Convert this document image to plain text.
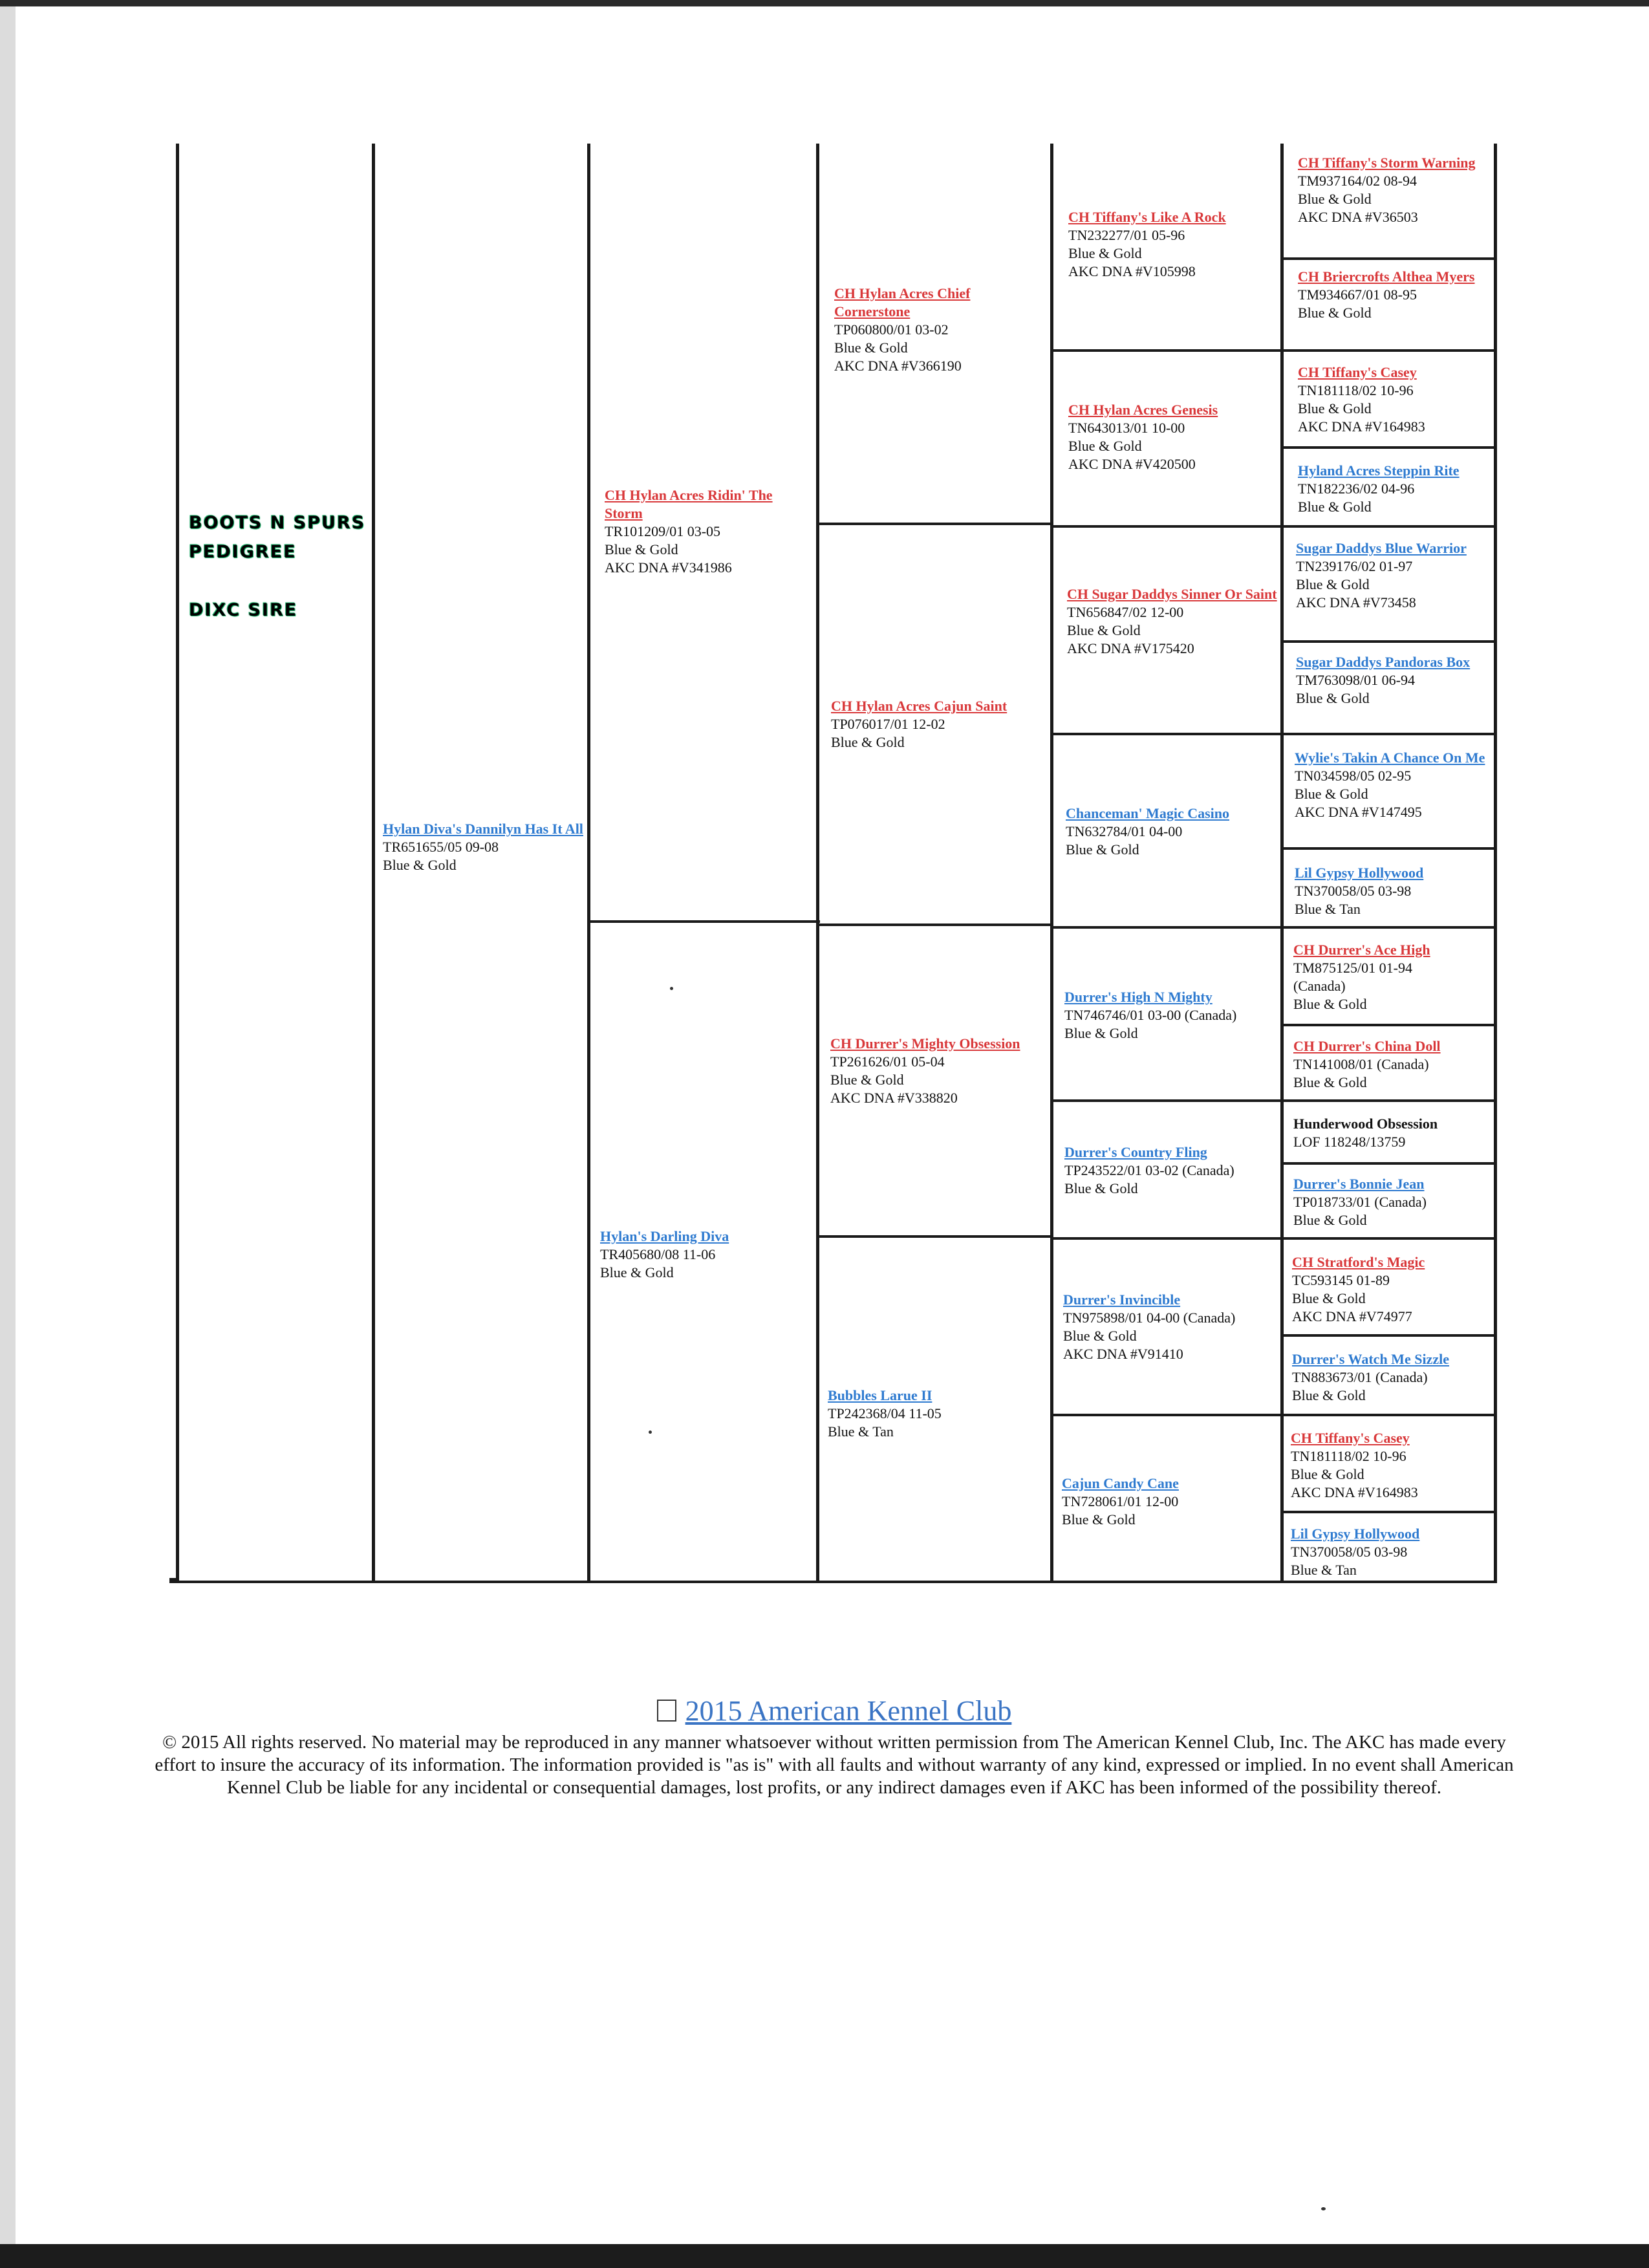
BOOTS N SPURS
PEDIGREE
DIXC SIRE
Hylan Diva's Dannilyn Has It All
TR651655/05 09-08
Blue & Gold
CH Hylan Acres Ridin' The Storm
TR101209/01 03-05
Blue & Gold
AKC DNA #V341986
Hylan's Darling Diva
TR405680/08 11-06
Blue & Gold
CH Hylan Acres Chief Cornerstone
TP060800/01 03-02
Blue & Gold
AKC DNA #V366190
CH Hylan Acres Cajun Saint
TP076017/01 12-02
Blue & Gold
CH Durrer's Mighty Obsession
TP261626/01 05-04
Blue & Gold
AKC DNA #V338820
Bubbles Larue II
TP242368/04 11-05
Blue & Tan
CH Tiffany's Like A Rock
TN232277/01 05-96
Blue & Gold
AKC DNA #V105998
CH Hylan Acres Genesis
TN643013/01 10-00
Blue & Gold
AKC DNA #V420500
CH Sugar Daddys Sinner Or Saint
TN656847/02 12-00
Blue & Gold
AKC DNA #V175420
Chanceman' Magic Casino
TN632784/01 04-00
Blue & Gold
Durrer's High N Mighty
TN746746/01 03-00 (Canada)
Blue & Gold
Durrer's Country Fling
TP243522/01 03-02 (Canada)
Blue & Gold
Durrer's Invincible
TN975898/01 04-00 (Canada)
Blue & Gold
AKC DNA #V91410
Cajun Candy Cane
TN728061/01 12-00
Blue & Gold
CH Tiffany's Storm Warning
TM937164/02 08-94
Blue & Gold
AKC DNA #V36503
CH Briercrofts Althea Myers
TM934667/01 08-95
Blue & Gold
CH Tiffany's Casey
TN181118/02 10-96
Blue & Gold
AKC DNA #V164983
Hyland Acres Steppin Rite
TN182236/02 04-96
Blue & Gold
Sugar Daddys Blue Warrior
TN239176/02 01-97
Blue & Gold
AKC DNA #V73458
Sugar Daddys Pandoras Box
TM763098/01 06-94
Blue & Gold
Wylie's Takin A Chance On Me
TN034598/05 02-95
Blue & Gold
AKC DNA #V147495
Lil Gypsy Hollywood
TN370058/05 03-98
Blue & Tan
CH Durrer's Ace High
TM875125/01 01-94
(Canada)
Blue & Gold
CH Durrer's China Doll
TN141008/01 (Canada)
Blue & Gold
Hunderwood Obsession
LOF 118248/13759
Durrer's Bonnie Jean
TP018733/01 (Canada)
Blue & Gold
CH Stratford's Magic
TC593145 01-89
Blue & Gold
AKC DNA #V74977
Durrer's Watch Me Sizzle
TN883673/01 (Canada)
Blue & Gold
CH Tiffany's Casey
TN181118/02 10-96
Blue & Gold
AKC DNA #V164983
Lil Gypsy Hollywood
TN370058/05 03-98
Blue & Tan
2015 American Kennel Club
© 2015 All rights reserved. No material may be reproduced in any manner whatsoever without written permission from The American Kennel Club, Inc. The AKC has made every effort to insure the accuracy of its information. The information provided is "as is" with all faults and without warranty of any kind, expressed or implied. In no event shall American Kennel Club be liable for any incidental or consequential damages, lost profits, or any indirect damages even if AKC has been informed of the possibility thereof.
